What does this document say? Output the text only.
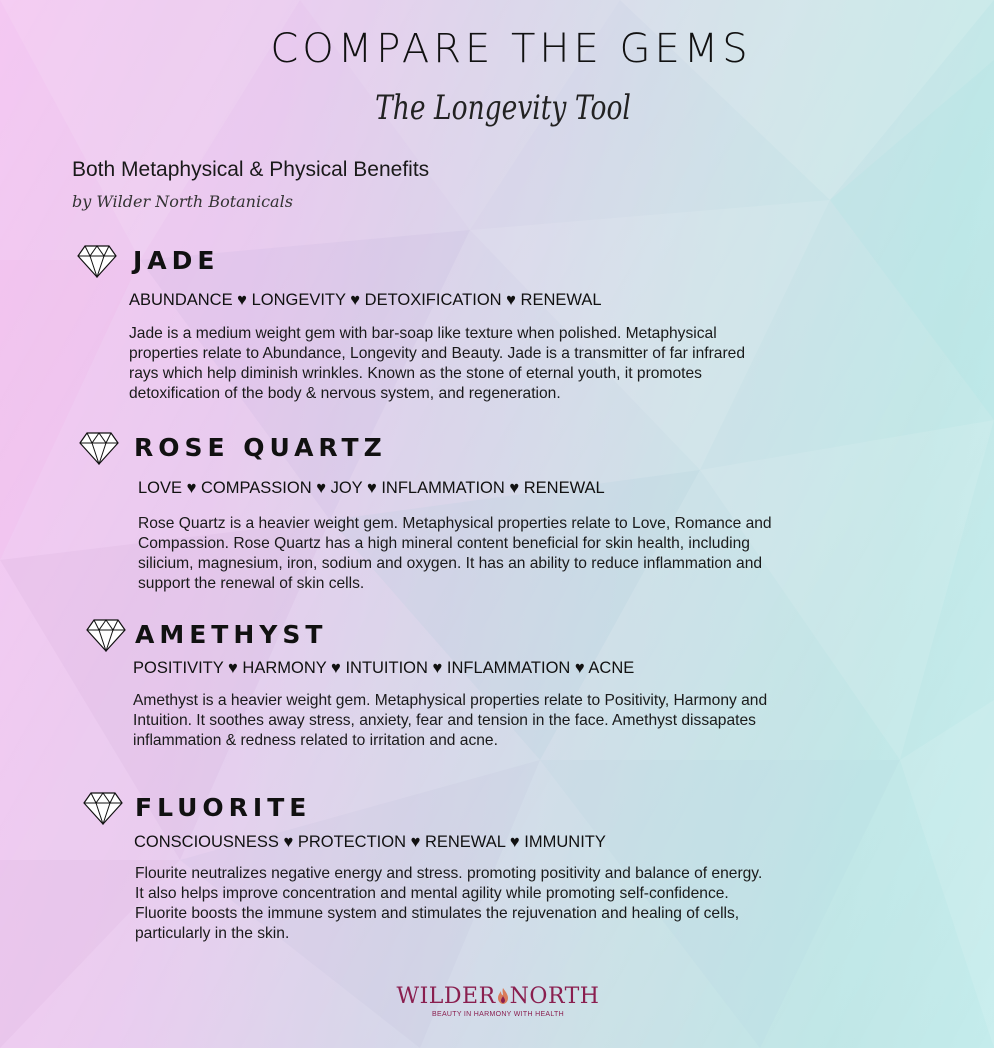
COMPARE THE GEMS
The Longevity Tool
Both Metaphysical & Physical Benefits
by Wilder North Botanicals
JADE
ABUNDANCE ♥ LONGEVITY ♥ DETOXIFICATION ♥ RENEWAL
Jade is a medium weight gem with bar-soap like texture when polished. Metaphysical properties relate to Abundance, Longevity and Beauty. Jade is a transmitter of far infrared rays which help diminish wrinkles. Known as the stone of eternal youth, it promotes detoxification of the body & nervous system, and regeneration.
ROSE QUARTZ
LOVE ♥ COMPASSION ♥ JOY ♥ INFLAMMATION ♥ RENEWAL
Rose Quartz is a heavier weight gem. Metaphysical properties relate to Love, Romance and Compassion. Rose Quartz has a high mineral content beneficial for skin health, including silicium, magnesium, iron, sodium and oxygen. It has an ability to reduce inflammation and support the renewal of skin cells.
AMETHYST
POSITIVITY ♥ HARMONY ♥ INTUITION ♥ INFLAMMATION ♥ ACNE
Amethyst is a heavier weight gem. Metaphysical properties relate to Positivity, Harmony and Intuition. It soothes away stress, anxiety, fear and tension in the face. Amethyst dissapates inflammation & redness related to irritation and acne.
FLUORITE
CONSCIOUSNESS ♥ PROTECTION ♥ RENEWAL ♥ IMMUNITY
Flourite neutralizes negative energy and stress. promoting positivity and balance of energy. It also helps improve concentration and mental agility while promoting self-confidence. Fluorite boosts the immune system and stimulates the rejuvenation and healing of cells, particularly in the skin.
WILDER NORTH
BEAUTY IN HARMONY WITH HEALTH
